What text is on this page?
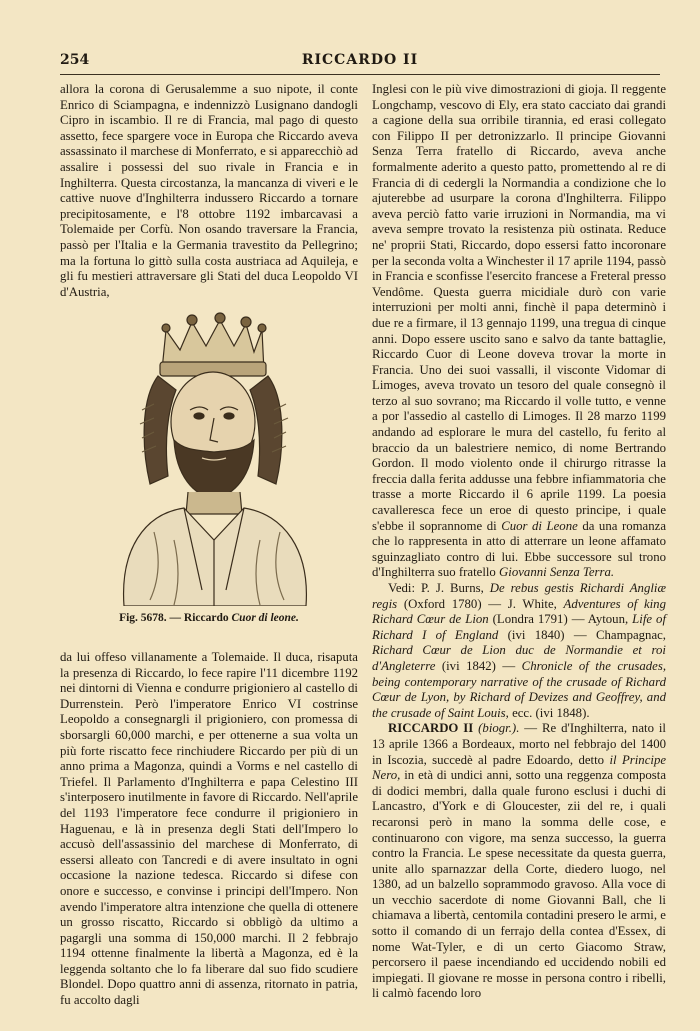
254	RICCARDO II

allora la corona di Gerusalemme a suo nipote, il conte Enrico di Sciampagna, e indennizzò Lusignano dandogli Cipro in iscambio. Il re di Francia, mal pago di questo assetto, fece spargere voce in Europa che Riccardo aveva assassinato il marchese di Monferrato, e si apparecchiò ad assalire i possessi del suo rivale in Francia e in Inghilterra. Questa circostanza, la mancanza di viveri e le cattive nuove d'Inghilterra indussero Riccardo a tornare precipitosamente, e l'8 ottobre 1192 imbarcavasi a Tolemaide per Corfù. Non osando traversare la Francia, passò per l'Italia e la Germania travestito da Pellegrino; ma la fortuna lo gittò sulla costa austriaca ad Aquileja, e gli fu mestieri attraversare gli Stati del duca Leopoldo VI d'Austria,

Fig. 5678. — Riccardo Cuor di leone.

da lui offeso villanamente a Tolemaide. Il duca, risaputa la presenza di Riccardo, lo fece rapire l'11 dicembre 1192 nei dintorni di Vienna e condurre prigioniero al castello di Durrenstein. Però l'imperatore Enrico VI costrinse Leopoldo a consegnargli il prigioniero, con promessa di sborsargli 60,000 marchi, e per ottenerne a sua volta un più forte riscatto fece rinchiudere Riccardo per più di un anno prima a Magonza, quindi a Vorms e nel castello di Triefel. Il Parlamento d'Inghilterra e papa Celestino III s'interposero inutilmente in favore di Riccardo. Nell'aprile del 1193 l'imperatore fece condurre il prigioniero in Haguenau, e là in presenza degli Stati dell'Impero lo accusò dell'assassinio del marchese di Monferrato, di essersi alleato con Tancredi e di avere insultato in ogni occasione la nazione tedesca. Riccardo si difese con onore e successo, e convinse i principi dell'Impero. Non avendo l'imperatore altra intenzione che quella di ottenere un grosso riscatto, Riccardo si obbligò da ultimo a pagargli una somma di 150,000 marchi. Il 2 febbrajo 1194 ottenne finalmente la libertà a Magonza, ed è la leggenda soltanto che lo fa liberare dal suo fido scudiere Blondel. Dopo quattro anni di assenza, ritornato in patria, fu accolto dagli

Inglesi con le più vive dimostrazioni di gioja. Il reggente Longchamp, vescovo di Ely, era stato cacciato dai grandi a cagione della sua orribile tirannia, ed erasi collegato con Filippo II per detronizzarlo. Il principe Giovanni Senza Terra fratello di Riccardo, aveva anche formalmente aderito a questo patto, promettendo al re di Francia di di cedergli la Normandia a condizione che lo ajuterebbe ad usurpare la corona d'Inghilterra. Filippo aveva perciò fatto varie irruzioni in Normandia, ma vi aveva sempre trovato la resistenza più ostinata. Reduce ne' proprii Stati, Riccardo, dopo essersi fatto incoronare per la seconda volta a Winchester il 17 aprile 1194, passò in Francia e sconfisse l'esercito francese a Freteral presso Vendôme. Questa guerra micidiale durò con varie interruzioni per molti anni, finchè il papa determinò i due re a firmare, il 13 gennajo 1199, una tregua di cinque anni. Dopo essere uscito sano e salvo da tante battaglie, Riccardo Cuor di Leone doveva trovar la morte in Francia. Uno dei suoi vassalli, il visconte Vidomar di Limoges, aveva trovato un tesoro del quale consegnò il terzo al suo sovrano; ma Riccardo il volle tutto, e venne a por l'assedio al castello di Limoges. Il 28 marzo 1199 andando ad esplorare le mura del castello, fu ferito al braccio da un balestriere nemico, di nome Bertrando Gordon. Il modo violento onde il chirurgo ritrasse la freccia dalla ferita addusse una febbre infiammatoria che trasse a morte Riccardo il 6 aprile 1199. La poesia cavalleresca fece un eroe di questo principe, i quale s'ebbe il soprannome di Cuor di Leone da una romanza che lo rappresenta in atto di atterrare un leone affamato sguinzagliato contro di lui. Ebbe successore sul trono d'Inghilterra suo fratello Giovanni Senza Terra.

Vedi: P. J. Burns, De rebus gestis Richardi Angliæ regis (Oxford 1780) — J. White, Adventures of king Richard Cœur de Lion (Londra 1791) — Aytoun, Life of Richard I of England (ivi 1840) — Champagnac, Richard Cœur de Lion duc de Normandie et roi d'Angleterre (ivi 1842) — Chronicle of the crusades, being contemporary narrative of the crusade of Richard Cœur de Lyon, by Richard of Devizes and Geoffrey, and the crusade of Saint Louis, ecc. (ivi 1848).

RICCARDO II (biogr.). — Re d'Inghilterra, nato il 13 aprile 1366 a Bordeaux, morto nel febbrajo del 1400 in Iscozia, succedè al padre Edoardo, detto il Principe Nero, in età di undici anni, sotto una reggenza composta di dodici membri, dalla quale furono esclusi i duchi di Lancastro, d'York e di Gloucester, zii del re, i quali recaronsi però in mano la somma delle cose, e continuarono con vigore, ma senza successo, la guerra contro la Francia. Le spese necessitate da questa guerra, unite allo sparnazzar della Corte, diedero luogo, nel 1380, ad un balzello soprammodo gravoso. Alla voce di un vecchio sacerdote di nome Giovanni Ball, che li chiamava a libertà, centomila contadini presero le armi, e sotto il comando di un ferrajo della contea d'Essex, di nome Wat-Tyler, e di un certo Giacomo Straw, percorsero il paese incendiando ed uccidendo nobili ed impiegati. Il giovane re mosse in persona contro i ribelli, li calmò facendo loro
